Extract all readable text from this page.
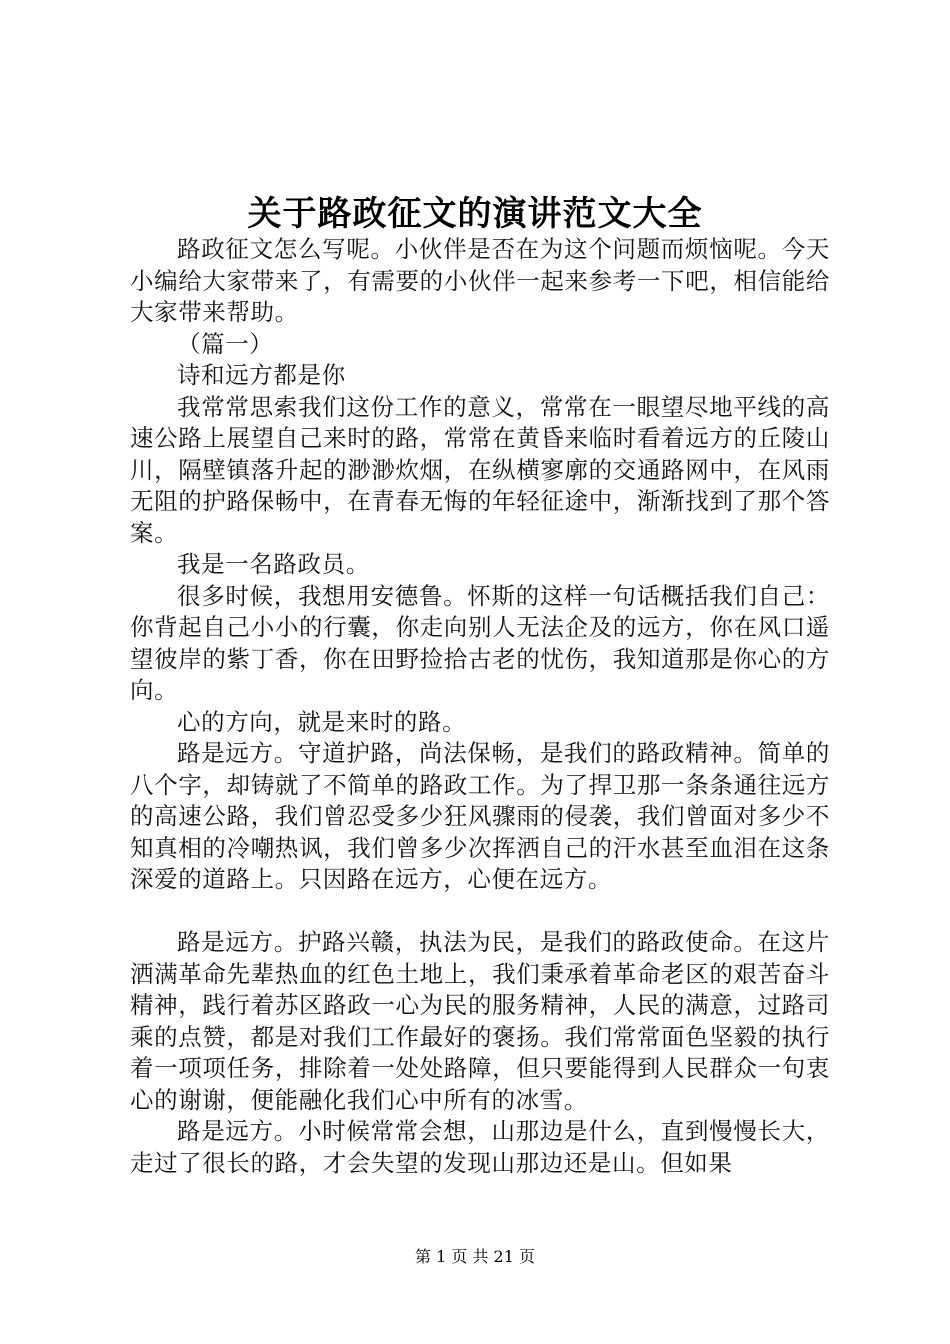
关于路政征文的演讲范文大全

路政征文怎么写呢。小伙伴是否在为这个问题而烦恼呢。今天小编给大家带来了，有需要的小伙伴一起来参考一下吧，相信能给大家带来帮助。

（篇一）

诗和远方都是你

我常常思索我们这份工作的意义，常常在一眼望尽地平线的高速公路上展望自己来时的路，常常在黄昏来临时看着远方的丘陵山川，隔壁镇落升起的渺渺炊烟，在纵横寥廓的交通路网中，在风雨无阻的护路保畅中，在青春无悔的年轻征途中，渐渐找到了那个答案。

我是一名路政员。

很多时候，我想用安德鲁。怀斯的这样一句话概括我们自己：你背起自己小小的行囊，你走向别人无法企及的远方，你在风口遥望彼岸的紫丁香，你在田野捡拾古老的忧伤，我知道那是你心的方向。

心的方向，就是来时的路。

路是远方。守道护路，尚法保畅，是我们的路政精神。简单的八个字，却铸就了不简单的路政工作。为了捍卫那一条条通往远方的高速公路，我们曾忍受多少狂风骤雨的侵袭，我们曾面对多少不知真相的冷嘲热讽，我们曾多少次挥洒自己的汗水甚至血泪在这条深爱的道路上。只因路在远方，心便在远方。

路是远方。护路兴赣，执法为民，是我们的路政使命。在这片洒满革命先辈热血的红色土地上，我们秉承着革命老区的艰苦奋斗精神，践行着苏区路政一心为民的服务精神，人民的满意，过路司乘的点赞，都是对我们工作最好的褒扬。我们常常面色坚毅的执行着一项项任务，排除着一处处路障，但只要能得到人民群众一句衷心的谢谢，便能融化我们心中所有的冰雪。

路是远方。小时候常常会想，山那边是什么，直到慢慢长大，走过了很长的路，才会失望的发现山那边还是山。但如果

第 1 页 共 21 页
